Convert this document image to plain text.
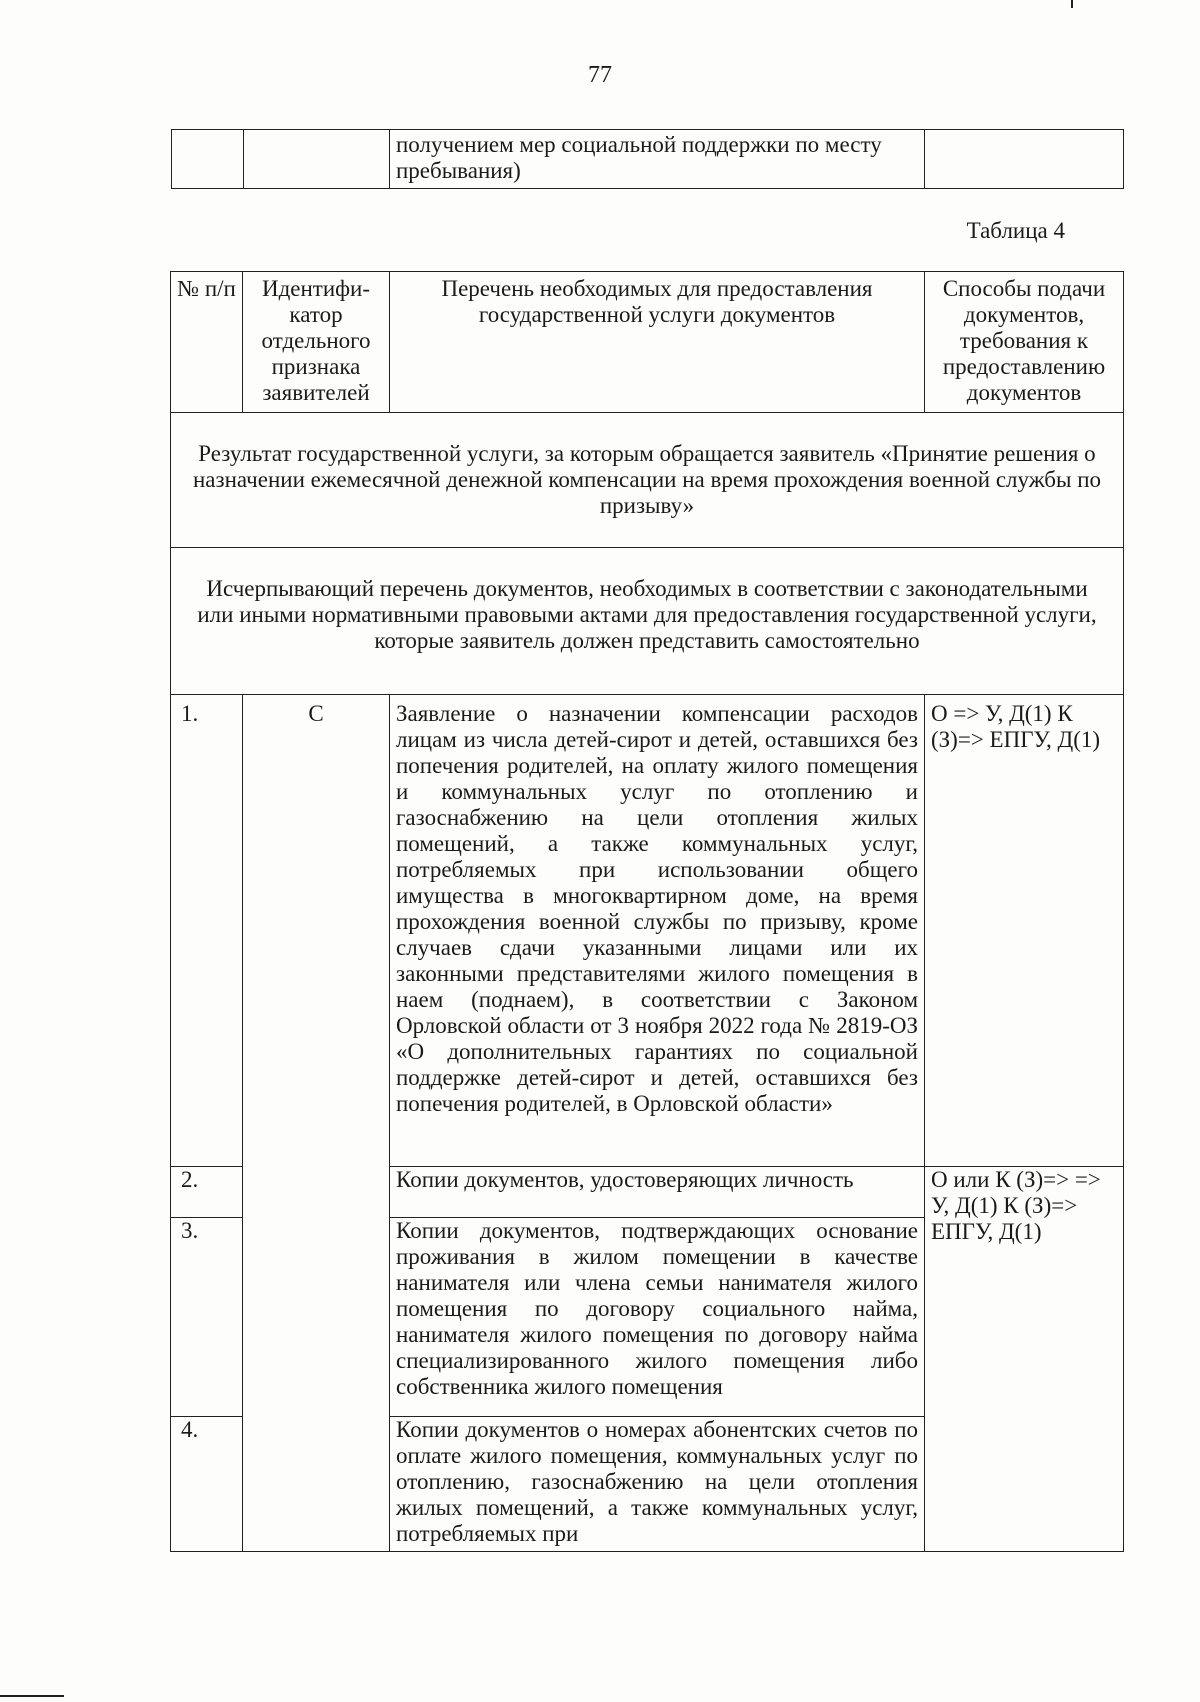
77
		получением мер социальной поддержки по месту пребывания)	
Таблица 4
№ п/п	Идентифи-катор отдельного признака заявителей	Перечень необходимых для предоставления государственной услуги документов	Способы подачи документов, требования к предоставлению документов
Результат государственной услуги, за которым обращается заявитель «Принятие решения о назначении ежемесячной денежной компенсации на время прохождения военной службы по призыву»			
Исчерпывающий перечень документов, необходимых в соответствии с законодательными или иными нормативными правовыми актами для предоставления государственной услуги, которые заявитель должен представить самостоятельно			
1.	С	Заявление о назначении компенсации расходов лицам из числа детей-сирот и детей, оставшихся без попечения родителей, на оплату жилого помещения и коммунальных услуг по отоплению и газоснабжению на цели отопления жилых помещений, а также коммунальных услуг, потребляемых при использовании общего имущества в многоквартирном доме, на время прохождения военной службы по призыву, кроме случаев сдачи указанными лицами или их законными представителями жилого помещения в наем (поднаем), в соответствии с Законом Орловской области от 3 ноября 2022 года № 2819-ОЗ «О дополнительных гарантиях по социальной поддержке детей-сирот и детей, оставшихся без попечения родителей, в Орловской области»	О => У, Д(1) К (З)=> ЕПГУ, Д(1)
2.		Копии документов, удостоверяющих личность	О или К (З)=> => У, Д(1) К (З)=> ЕПГУ, Д(1)
3.		Копии документов, подтверждающих основание проживания в жилом помещении в качестве нанимателя или члена семьи нанимателя жилого помещения по договору социального найма, нанимателя жилого помещения по договору найма специализированного жилого помещения либо собственника жилого помещения	
4.		Копии документов о номерах абонентских счетов по оплате жилого помещения, коммунальных услуг по отоплению, газоснабжению на цели отопления жилых помещений, а также коммунальных услуг, потребляемых при	
